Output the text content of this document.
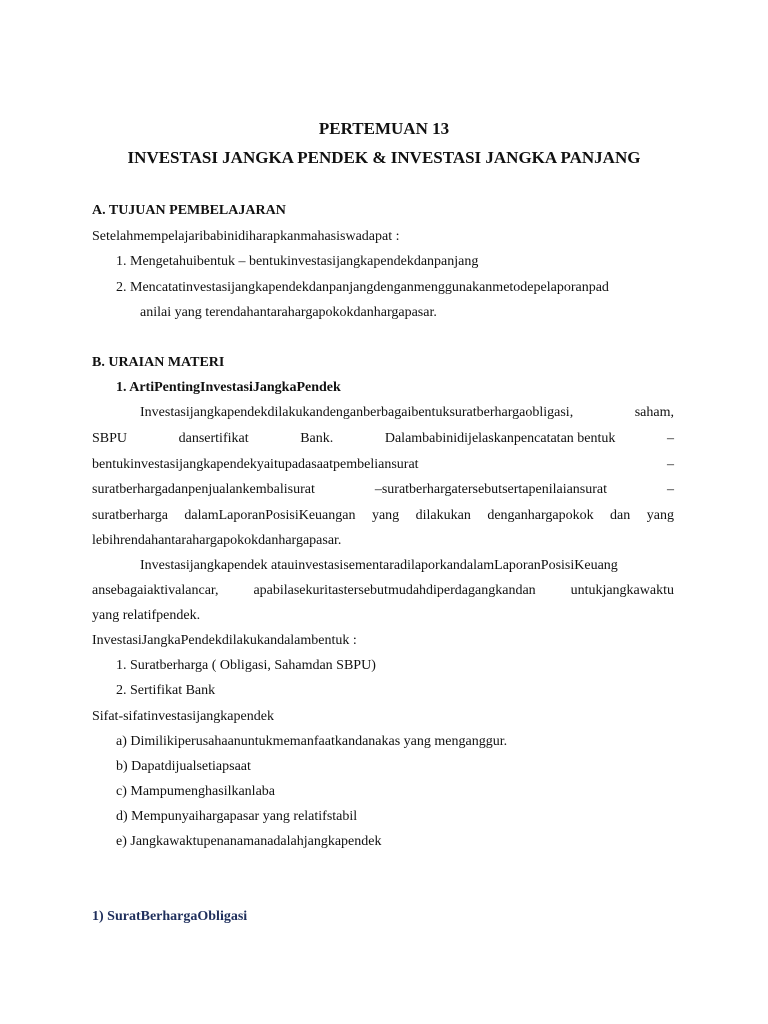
PERTEMUAN 13
INVESTASI JANGKA PENDEK & INVESTASI JANGKA PANJANG
A. TUJUAN PEMBELAJARAN
Setelahmempelajaribabinidiharapkanmahasiswadapat :
1. Mengetahuibentuk – bentukinvestasijangkapendekdanpanjang
2. Mencatatinvestasijangkapendekdanpanjangdenganmenggunakanmetodepelaporanpad
anilai yang terendahantarahargapokokdanhargapasar.
B. URAIAN MATERI
1. ArtiPentingInvestasiJangkaPendek
Investasijangkapendekdilakukandenganberbagaibentuksuratberhargaobligasi,	saham,
SBPU	dansertifikat	Bank.	Dalambabinidijelaskanpencatatan bentuk	–
bentukinvestasijangkapendekyaitupadasaatpembeliansurat	–
suratberhargadanpenjualankembalisurat	–suratberhargatersebutsertapenilaiansurat	–
suratberharga dalamLaporanPosisiKeuangan yang dilakukan denganhargapokok dan yang
lebihrendahantarahargapokokdanhargapasar.
Investasijangkapendek atauinvestasisementaradilaporkandalamLaporanPosisiKeuang
ansebagaiaktivalancar, apabilasekuritastersebutmudahdiperdagangkandan untukjangkawaktu
yang relatifpendek.
InvestasiJangkaPendekdilakukandalambentuk :
1. Suratberharga ( Obligasi, Sahamdan SBPU)
2. Sertifikat Bank
Sifat-sifatinvestasijangkapendek
a) Dimilikiperusahaanuntukmemanfaatkandanakas yang menganggur.
b) Dapatdijualsetiapsaat
c) Mampumenghasilkanlaba
d) Mempunyaihargapasar yang relatifstabil
e) Jangkawaktupenanamanadalahjangkapendek
1) SuratBerhargaObligasi
